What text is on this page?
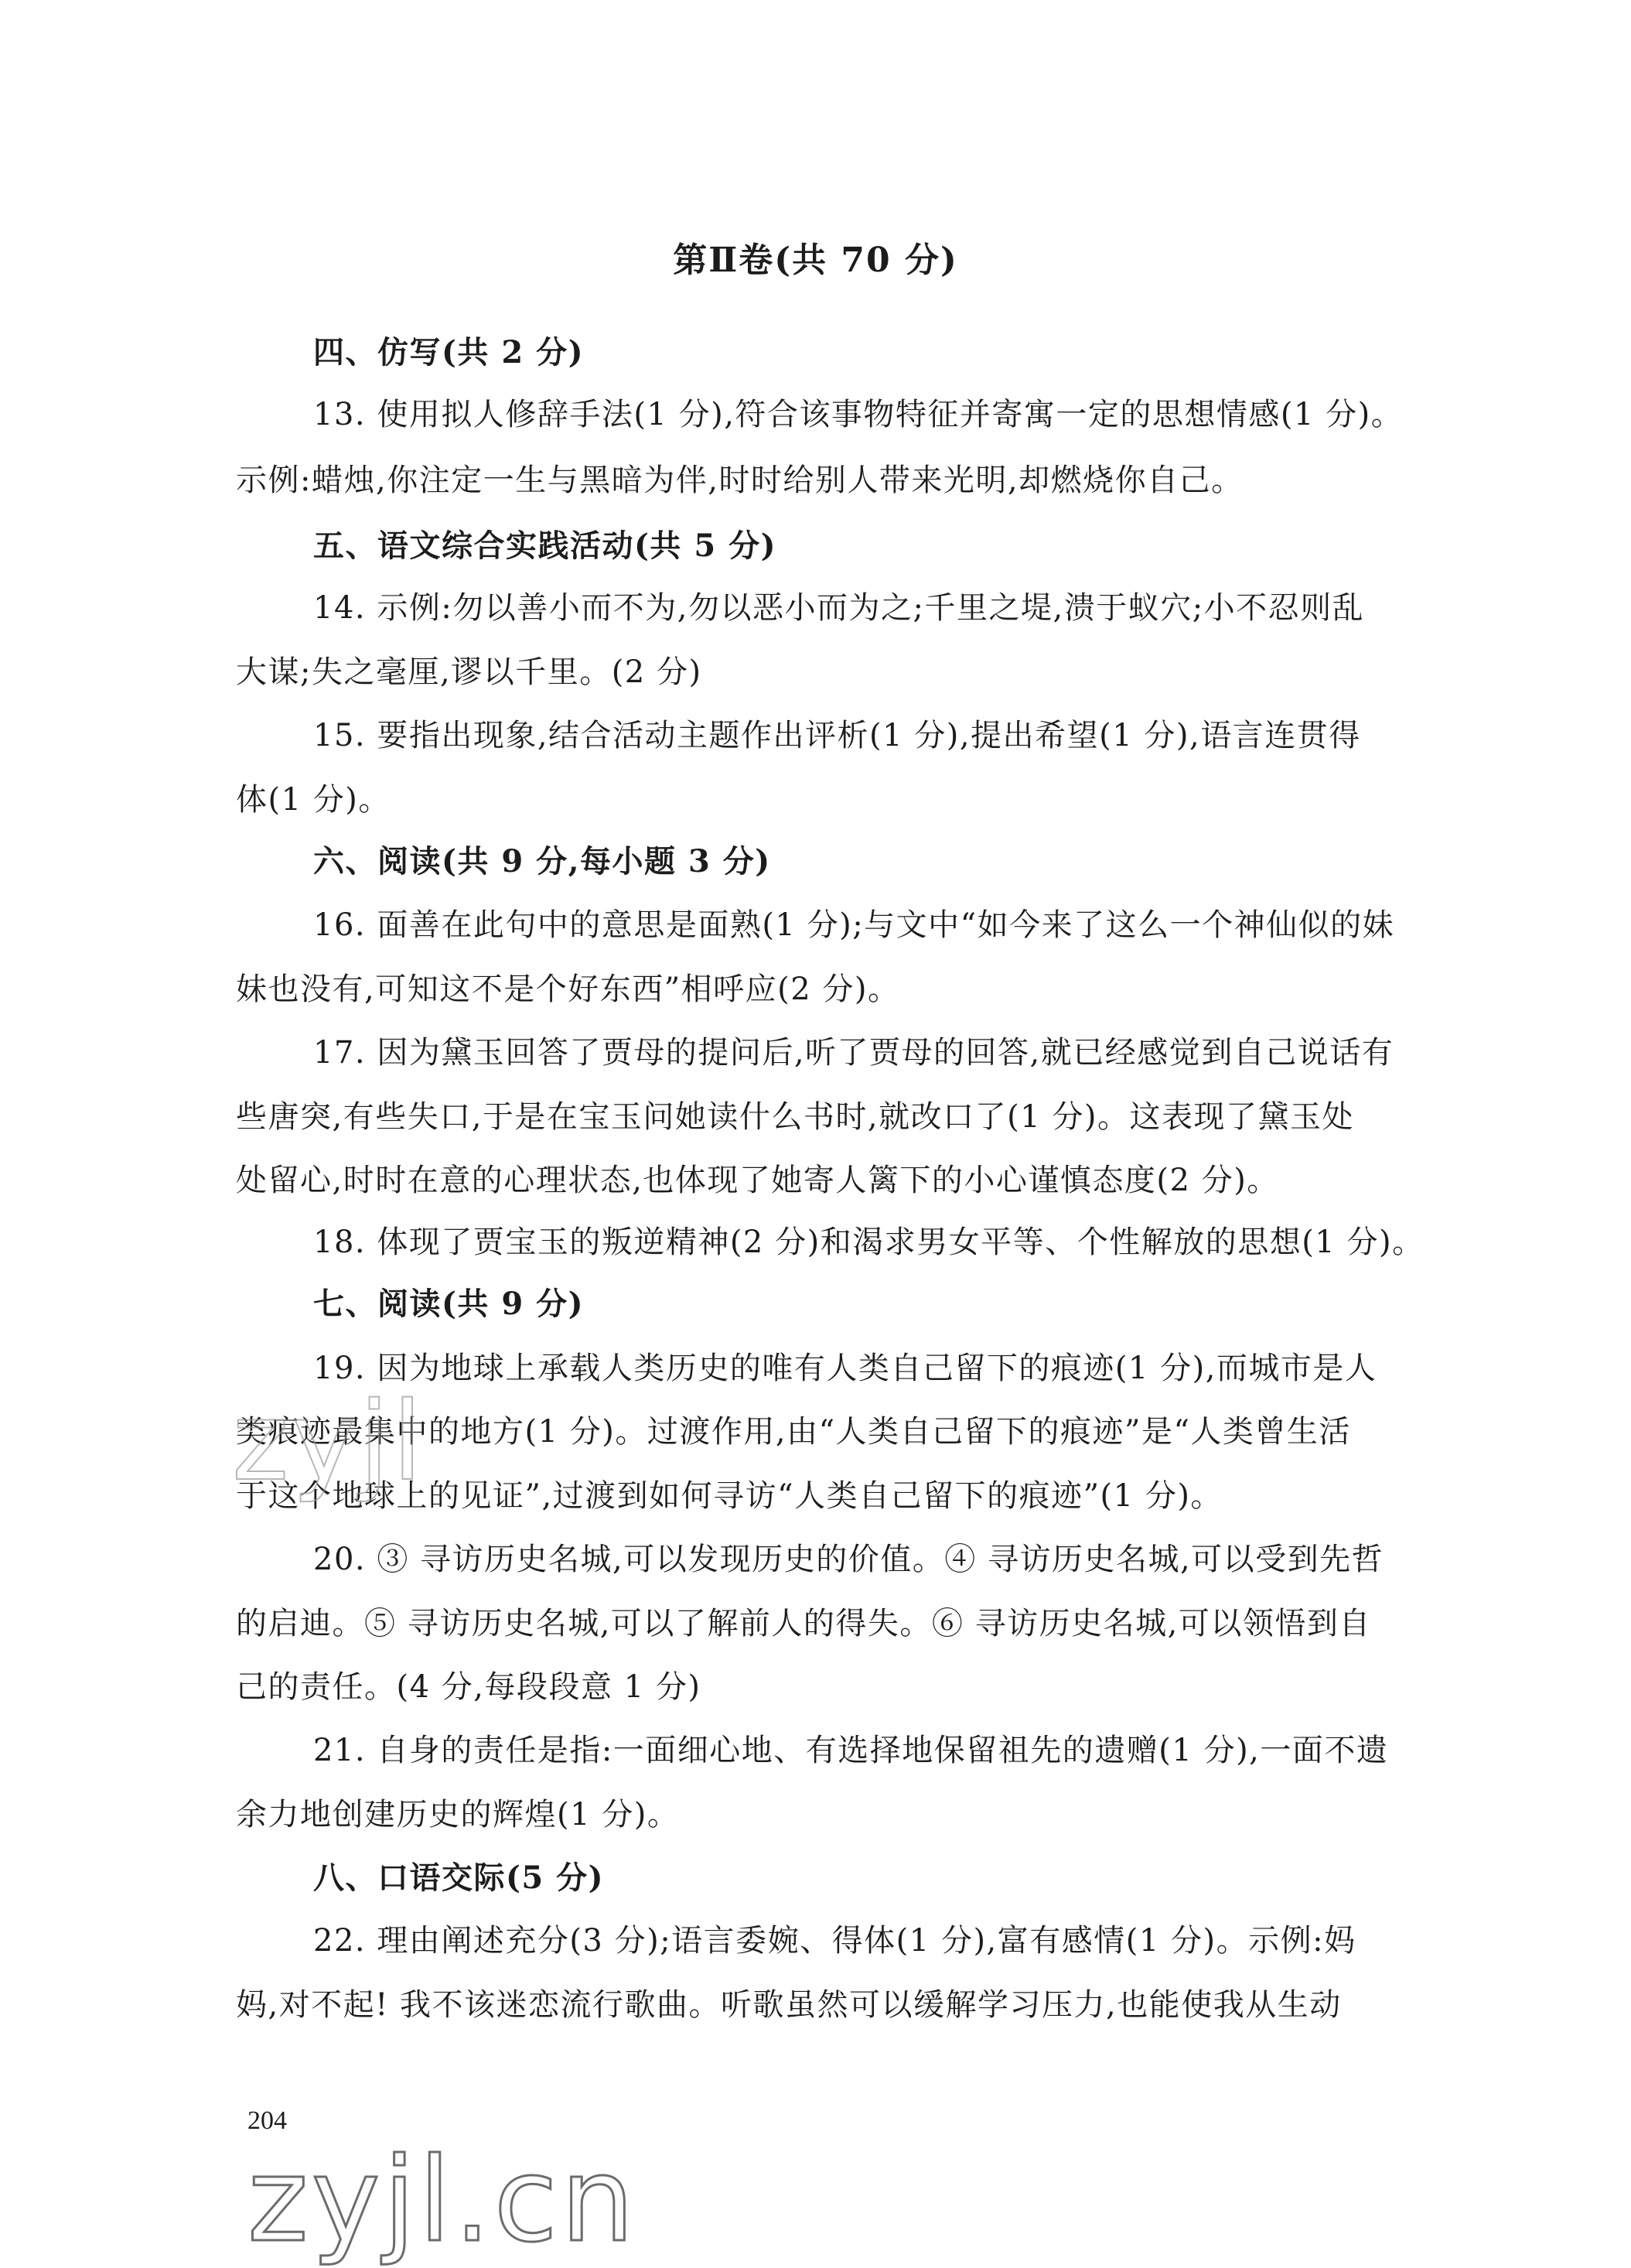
第Ⅱ卷(共 70 分)
四、仿写(共 2 分)
13. 使用拟人修辞手法(1 分),符合该事物特征并寄寓一定的思想情感(1 分)。
示例:蜡烛,你注定一生与黑暗为伴,时时给别人带来光明,却燃烧你自己。
五、语文综合实践活动(共 5 分)
14. 示例:勿以善小而不为,勿以恶小而为之;千里之堤,溃于蚁穴;小不忍则乱
大谋;失之毫厘,谬以千里。(2 分)
15. 要指出现象,结合活动主题作出评析(1 分),提出希望(1 分),语言连贯得
体(1 分)。
六、阅读(共 9 分,每小题 3 分)
16. 面善在此句中的意思是面熟(1 分);与文中“如今来了这么一个神仙似的妹
妹也没有,可知这不是个好东西”相呼应(2 分)。
17. 因为黛玉回答了贾母的提问后,听了贾母的回答,就已经感觉到自己说话有
些唐突,有些失口,于是在宝玉问她读什么书时,就改口了(1 分)。这表现了黛玉处
处留心,时时在意的心理状态,也体现了她寄人篱下的小心谨慎态度(2 分)。
18. 体现了贾宝玉的叛逆精神(2 分)和渴求男女平等、个性解放的思想(1 分)。
七、阅读(共 9 分)
19. 因为地球上承载人类历史的唯有人类自己留下的痕迹(1 分),而城市是人
类痕迹最集中的地方(1 分)。过渡作用,由“人类自己留下的痕迹”是“人类曾生活
于这个地球上的见证”,过渡到如何寻访“人类自己留下的痕迹”(1 分)。
20. ③ 寻访历史名城,可以发现历史的价值。④ 寻访历史名城,可以受到先哲
的启迪。⑤ 寻访历史名城,可以了解前人的得失。⑥ 寻访历史名城,可以领悟到自
己的责任。(4 分,每段段意 1 分)
21. 自身的责任是指:一面细心地、有选择地保留祖先的遗赠(1 分),一面不遗
余力地创建历史的辉煌(1 分)。
八、口语交际(5 分)
22. 理由阐述充分(3 分);语言委婉、得体(1 分),富有感情(1 分)。示例:妈
妈,对不起! 我不该迷恋流行歌曲。听歌虽然可以缓解学习压力,也能使我从生动
zyjl
204
zyjl.cn
